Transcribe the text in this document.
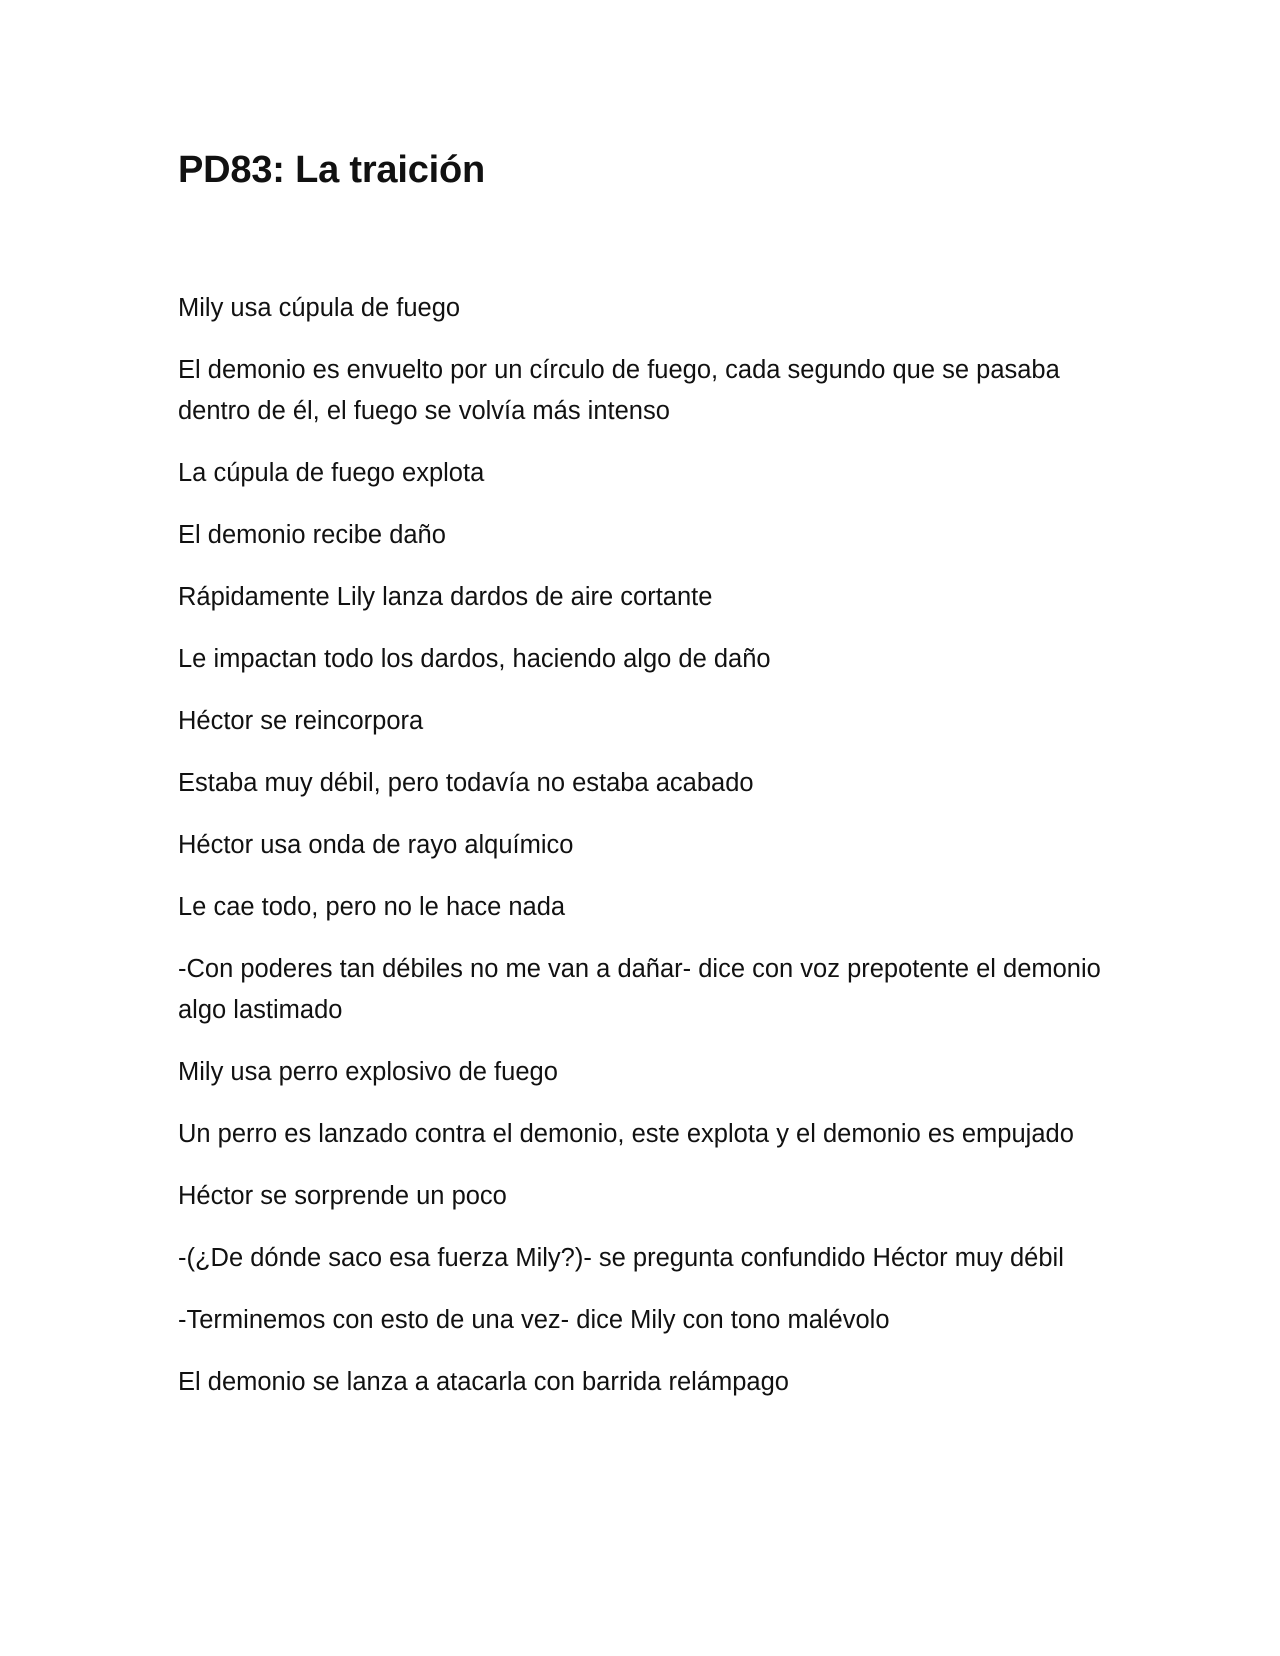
PD83: La traición

Mily usa cúpula de fuego

El demonio es envuelto por un círculo de fuego, cada segundo que se pasaba dentro de él, el fuego se volvía más intenso

La cúpula de fuego explota

El demonio recibe daño

Rápidamente Lily lanza dardos de aire cortante

Le impactan todo los dardos, haciendo algo de daño

Héctor se reincorpora

Estaba muy débil, pero todavía no estaba acabado

Héctor usa onda de rayo alquímico

Le cae todo, pero no le hace nada

-Con poderes tan débiles no me van a dañar- dice con voz prepotente el demonio algo lastimado

Mily usa perro explosivo de fuego

Un perro es lanzado contra el demonio, este explota y el demonio es empujado

Héctor se sorprende un poco

-(¿De dónde saco esa fuerza Mily?)- se pregunta confundido Héctor muy débil

-Terminemos con esto de una vez- dice Mily con tono malévolo

El demonio se lanza a atacarla con barrida relámpago
